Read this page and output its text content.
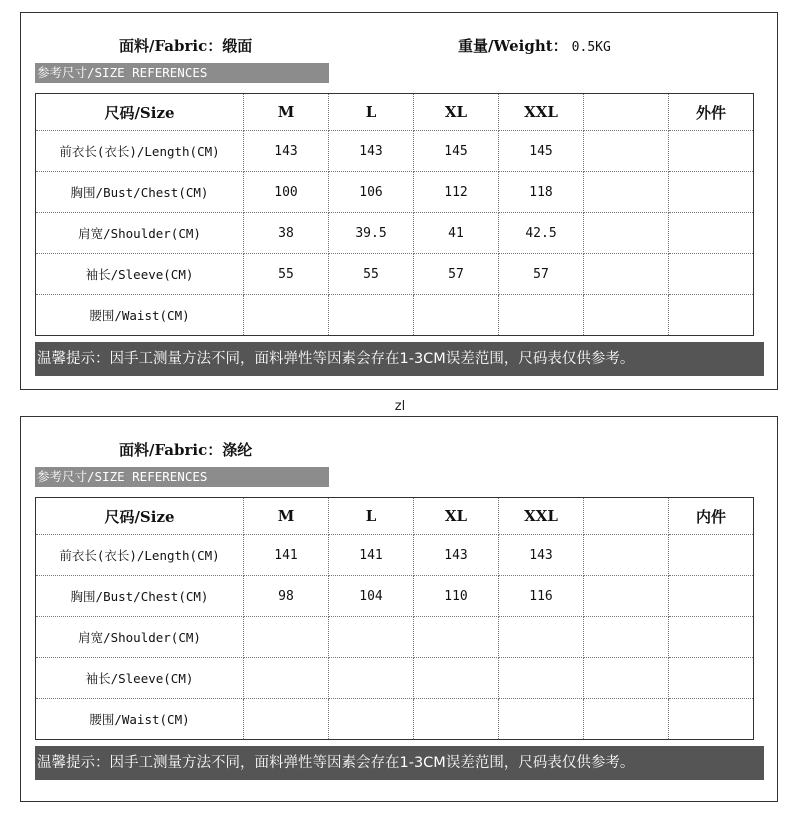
面料/Fabric：缎面	重量/Weight： 0.5KG
参考尺寸/SIZE REFERENCES
尺码/Size	M	L	XL	XXL		外件
前衣长(衣长)/Length(CM)	143	143	145	145		
胸围/Bust/Chest(CM)	100	106	112	118		
肩宽/Shoulder(CM)	38	39.5	41	42.5		
袖长/Sleeve(CM)	55	55	57	57		
腰围/Waist(CM)						
温馨提示：因手工测量方法不同，面料弹性等因素会存在1-3CM误差范围，尺码表仅供参考。
zl
面料/Fabric：涤纶
参考尺寸/SIZE REFERENCES
尺码/Size	M	L	XL	XXL		内件
前衣长(衣长)/Length(CM)	141	141	143	143		
胸围/Bust/Chest(CM)	98	104	110	116		
肩宽/Shoulder(CM)						
袖长/Sleeve(CM)						
腰围/Waist(CM)						
温馨提示：因手工测量方法不同，面料弹性等因素会存在1-3CM误差范围，尺码表仅供参考。
